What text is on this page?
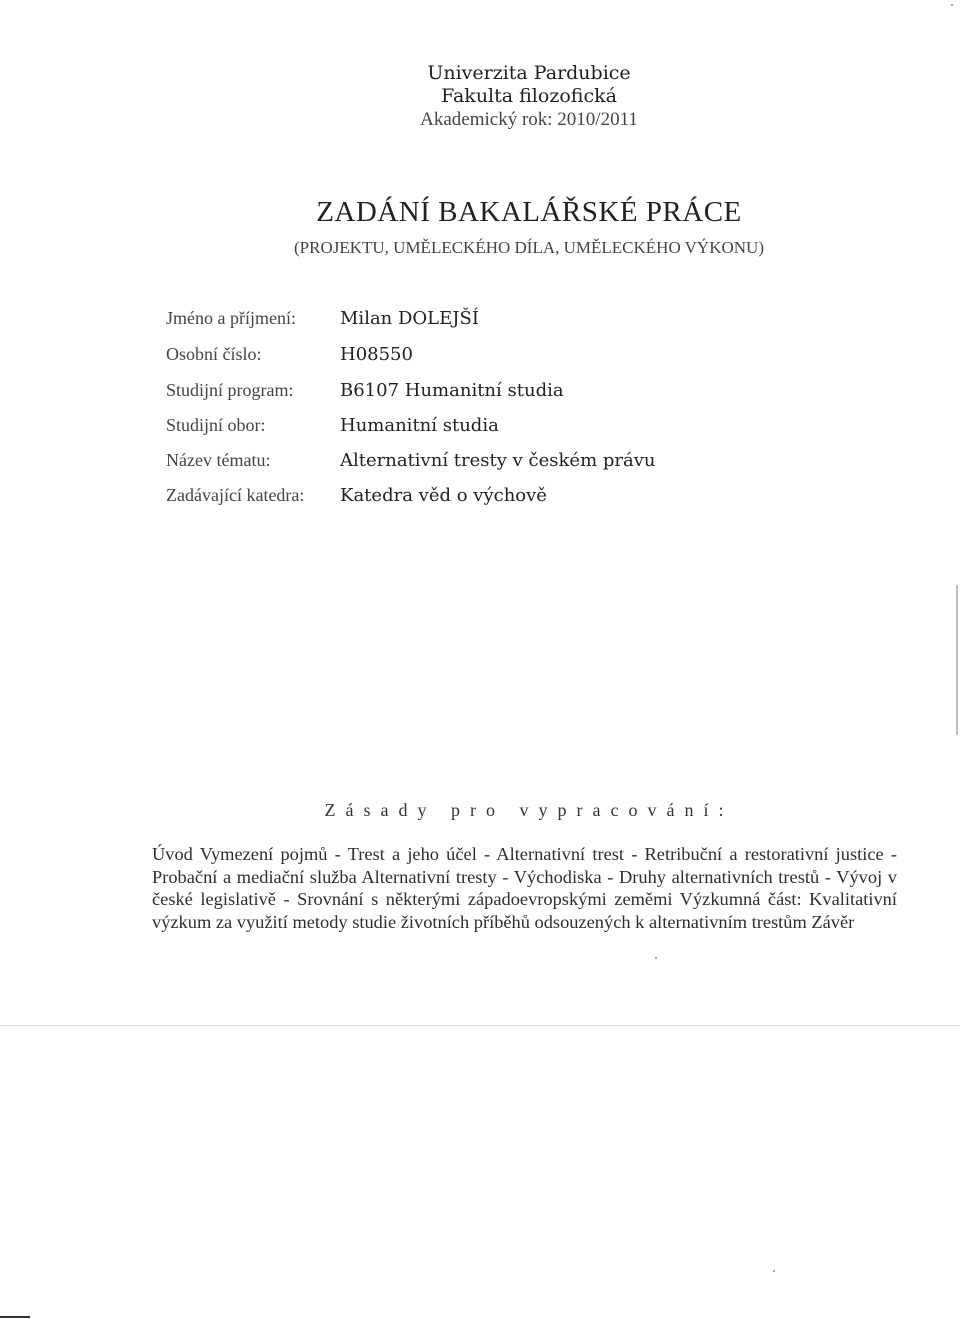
Univerzita Pardubice
Fakulta filozofická
Akademický rok: 2010/2011
ZADÁNÍ BAKALÁŘSKÉ PRÁCE
(PROJEKTU, UMĚLECKÉHO DÍLA, UMĚLECKÉHO VÝKONU)
Jméno a příjmení: Milan DOLEJŠÍ
Osobní číslo:	H08550
Studijní program:	B6107 Humanitní studia
Studijní obor:	Humanitní studia
Název tématu:	Alternativní tresty v českém právu
Zadávající katedra: Katedra věd o výchově
Zásady pro vypracování:
Úvod Vymezení pojmů - Trest a jeho účel - Alternativní trest - Retribuční a restorativní justice - Probační a mediační služba Alternativní tresty - Východiska - Druhy alternativních trestů - Vývoj v české legislativě - Srovnání s některými západoevropskými zeměmi Výzkumná část: Kvalitativní výzkum za využití metody studie životních příběhů odsouzených k alternativním trestům Závěr
